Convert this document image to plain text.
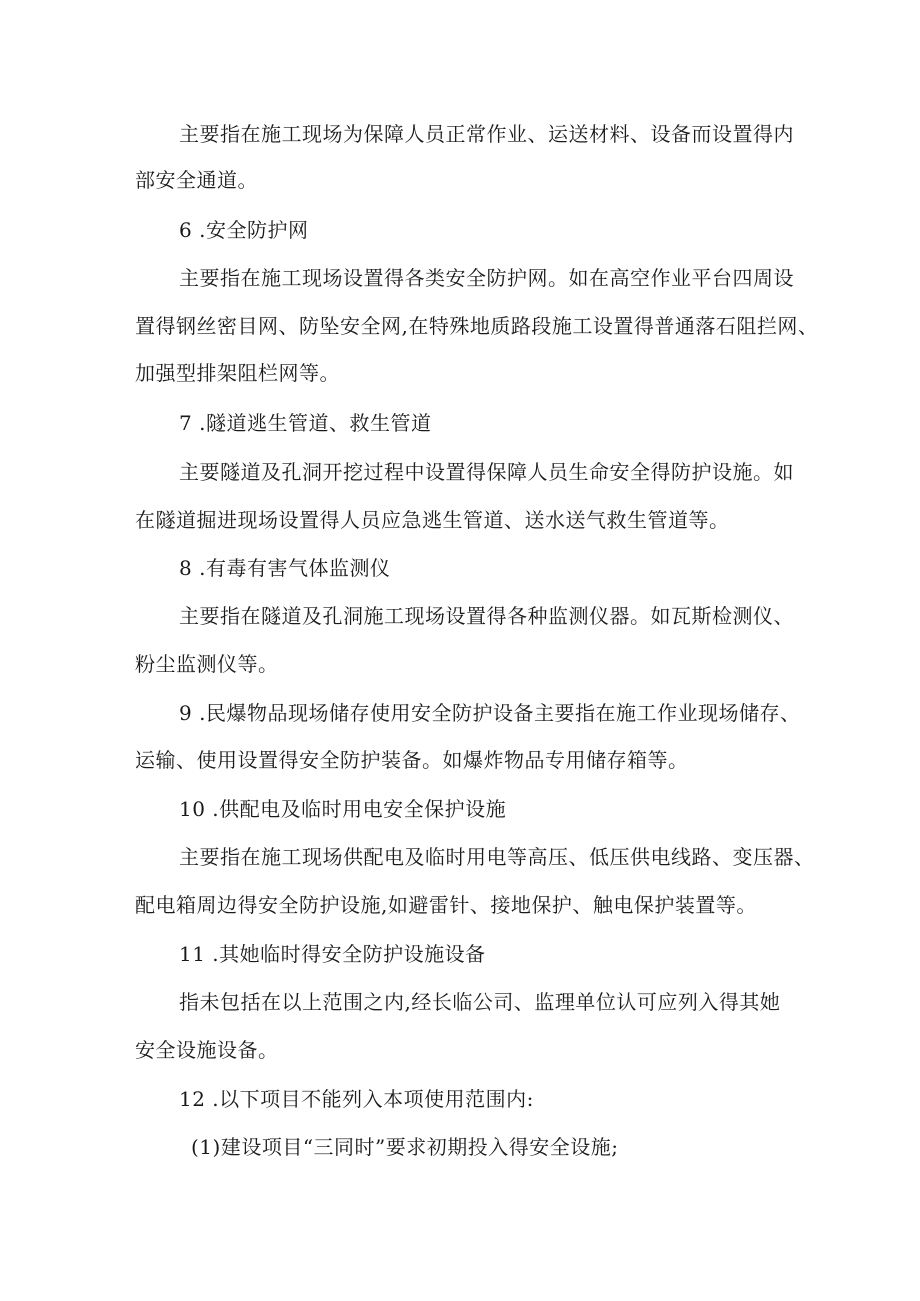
主要指在施工现场为保障人员正常作业、运送材料、设备而设置得内
部安全通道。
6 .安全防护网
主要指在施工现场设置得各类安全防护网。如在高空作业平台四周设
置得钢丝密目网、防坠安全网,在特殊地质路段施工设置得普通落石阻拦网、
加强型排架阻栏网等。
7 .隧道逃生管道、救生管道
主要隧道及孔洞开挖过程中设置得保障人员生命安全得防护设施。如
在隧道掘进现场设置得人员应急逃生管道、送水送气救生管道等。
8 .有毒有害气体监测仪
主要指在隧道及孔洞施工现场设置得各种监测仪器。如瓦斯检测仪、
粉尘监测仪等。
9 .民爆物品现场储存使用安全防护设备主要指在施工作业现场储存、
运输、使用设置得安全防护装备。如爆炸物品专用储存箱等。
10 .供配电及临时用电安全保护设施
主要指在施工现场供配电及临时用电等高压、低压供电线路、变压器、
配电箱周边得安全防护设施,如避雷针、接地保护、触电保护装置等。
11 .其她临时得安全防护设施设备
指未包括在以上范围之内,经长临公司、监理单位认可应列入得其她
安全设施设备。
12 .以下项目不能列入本项使用范围内:
(1)建设项目“三同时”要求初期投入得安全设施;
